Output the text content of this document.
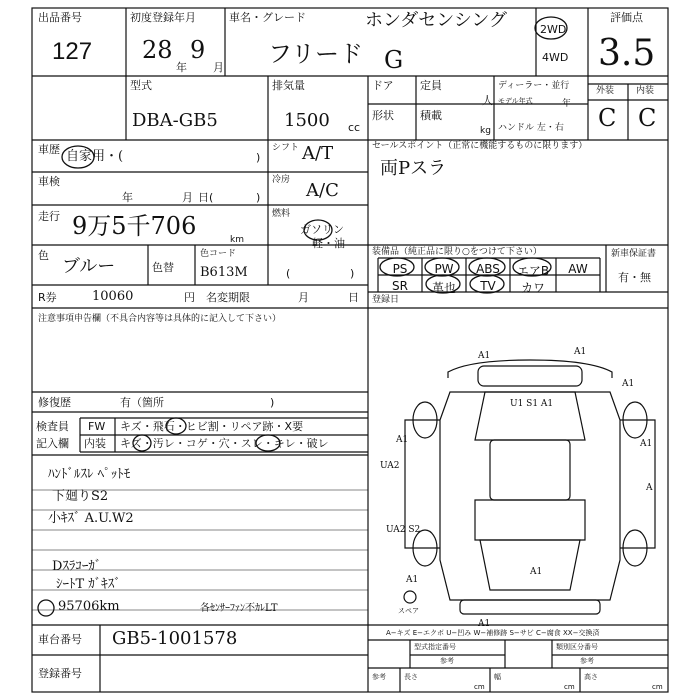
出品番号
127
初度登録年月
28
年
9
月
車名・グレード
フリード G
ホンダセンシング	2WD
4WD
評価点
3.5
外装 内装
C C
型式
DBA-GB5
排気量
1500 cc
ドア 定員
人
形状 積載
kg
ディーラー・並行
モデル年式	年
ハンドル 左・右
車歴 自家用・(	)
シフト A/T	セールスポイント（正常に機能するものに限ります）
両Pスラ
車検
年	月 日(	)
冷房 A/C
走行 9万5千706	km
燃料
ガソリン
軽・油
色
ブルー	色替
色コード
B613M	(	)
装備品（純正品に限り○をつけて下さい）
PS	PW	ABS	エアB	AW
SR	革也	TV	カワ
新車保証書
有・無
R券	10060	円 名変期限	月	日 登録日
注意事項申告欄（不具合内容等は具体的に記入して下さい）
修復歴	有（箇所	)
検査員
記入欄
FW キズ・飛石・ヒビ割・リペア跡・X要
内装 キズ・汚レ・コゲ・穴・スレ・キレ・破レ
ﾊﾝﾄﾞﾙｽﾚ ﾍﾟｯﾄﾓ
下廻りS2
小ｷｽﾞ A.U.W2
Dｽﾗｺｰｶﾞ
ｼｰﾄT ｶﾞｷｽﾞ
95706km	各ｾﾝｻｰﾌｧﾝ不ｶﾚLT
A1	A1
A1
U1 S1 A1
A1	A1
UA2
A
UA2 S2
A1
A1
A1
スペア
車台番号 GB5-1001578
登録番号
A−キズ E−エクボ U−凹み W−補修跡 S−サビ C−腐食 XX−交換済
型式指定番号
参考
類別区分番号
参考
参考	長さ
cm
幅
cm
高さ
cm
